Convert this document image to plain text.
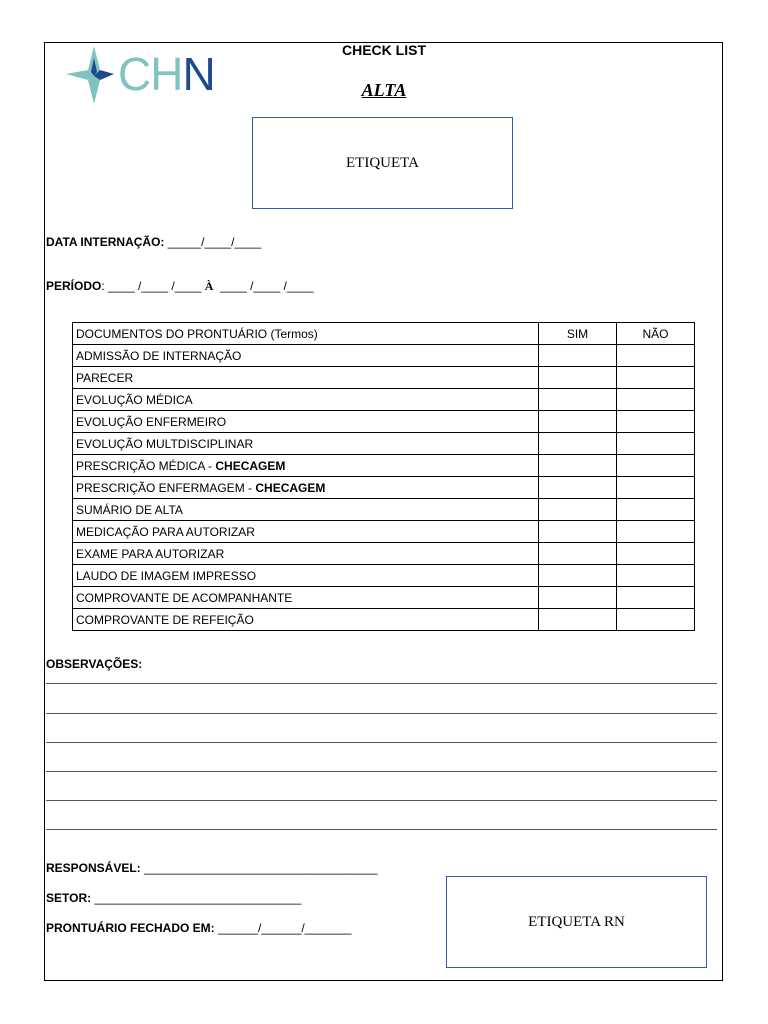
CHN	CHECK LIST
ALTA
ETIQUETA
DATA INTERNAÇÃO: _____/____/____
PERÍODO: ____ /____ /____ À  ____ /____ /____
DOCUMENTOS DO PRONTUÁRIO (Termos)	SIM	NÃO
ADMISSÃO DE INTERNAÇÃO		
PARECER		
EVOLUÇÃO MÉDICA		
EVOLUÇÃO ENFERMEIRO		
EVOLUÇÃO MULTDISCIPLINAR		
PRESCRIÇÃO MÉDICA - CHECAGEM		
PRESCRIÇÃO ENFERMAGEM - CHECAGEM		
SUMÁRIO DE ALTA		
MEDICAÇÃO PARA AUTORIZAR		
EXAME PARA AUTORIZAR		
LAUDO DE IMAGEM IMPRESSO		
COMPROVANTE DE ACOMPANHANTE		
COMPROVANTE DE REFEIÇÃO		
OBSERVAÇÕES:
RESPONSÁVEL: ___________________________________
SETOR: _______________________________
PRONTUÁRIO FECHADO EM: ______/______/_______	ETIQUETA RN
